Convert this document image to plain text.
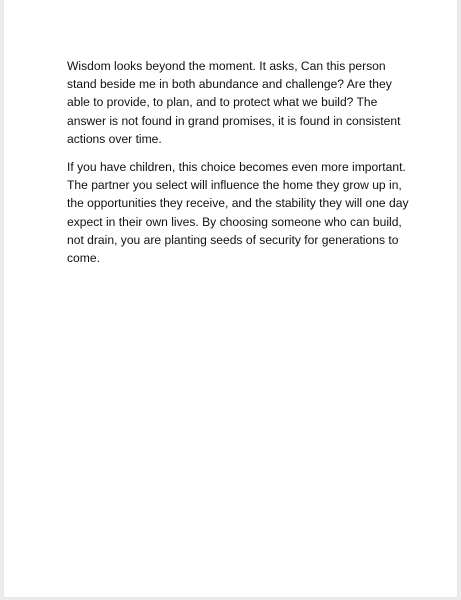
Wisdom looks beyond the moment. It asks, Can this person
stand beside me in both abundance and challenge? Are they
able to provide, to plan, and to protect what we build? The
answer is not found in grand promises, it is found in consistent
actions over time.

If you have children, this choice becomes even more important.
The partner you select will influence the home they grow up in,
the opportunities they receive, and the stability they will one day
expect in their own lives. By choosing someone who can build,
not drain, you are planting seeds of security for generations to
come.
